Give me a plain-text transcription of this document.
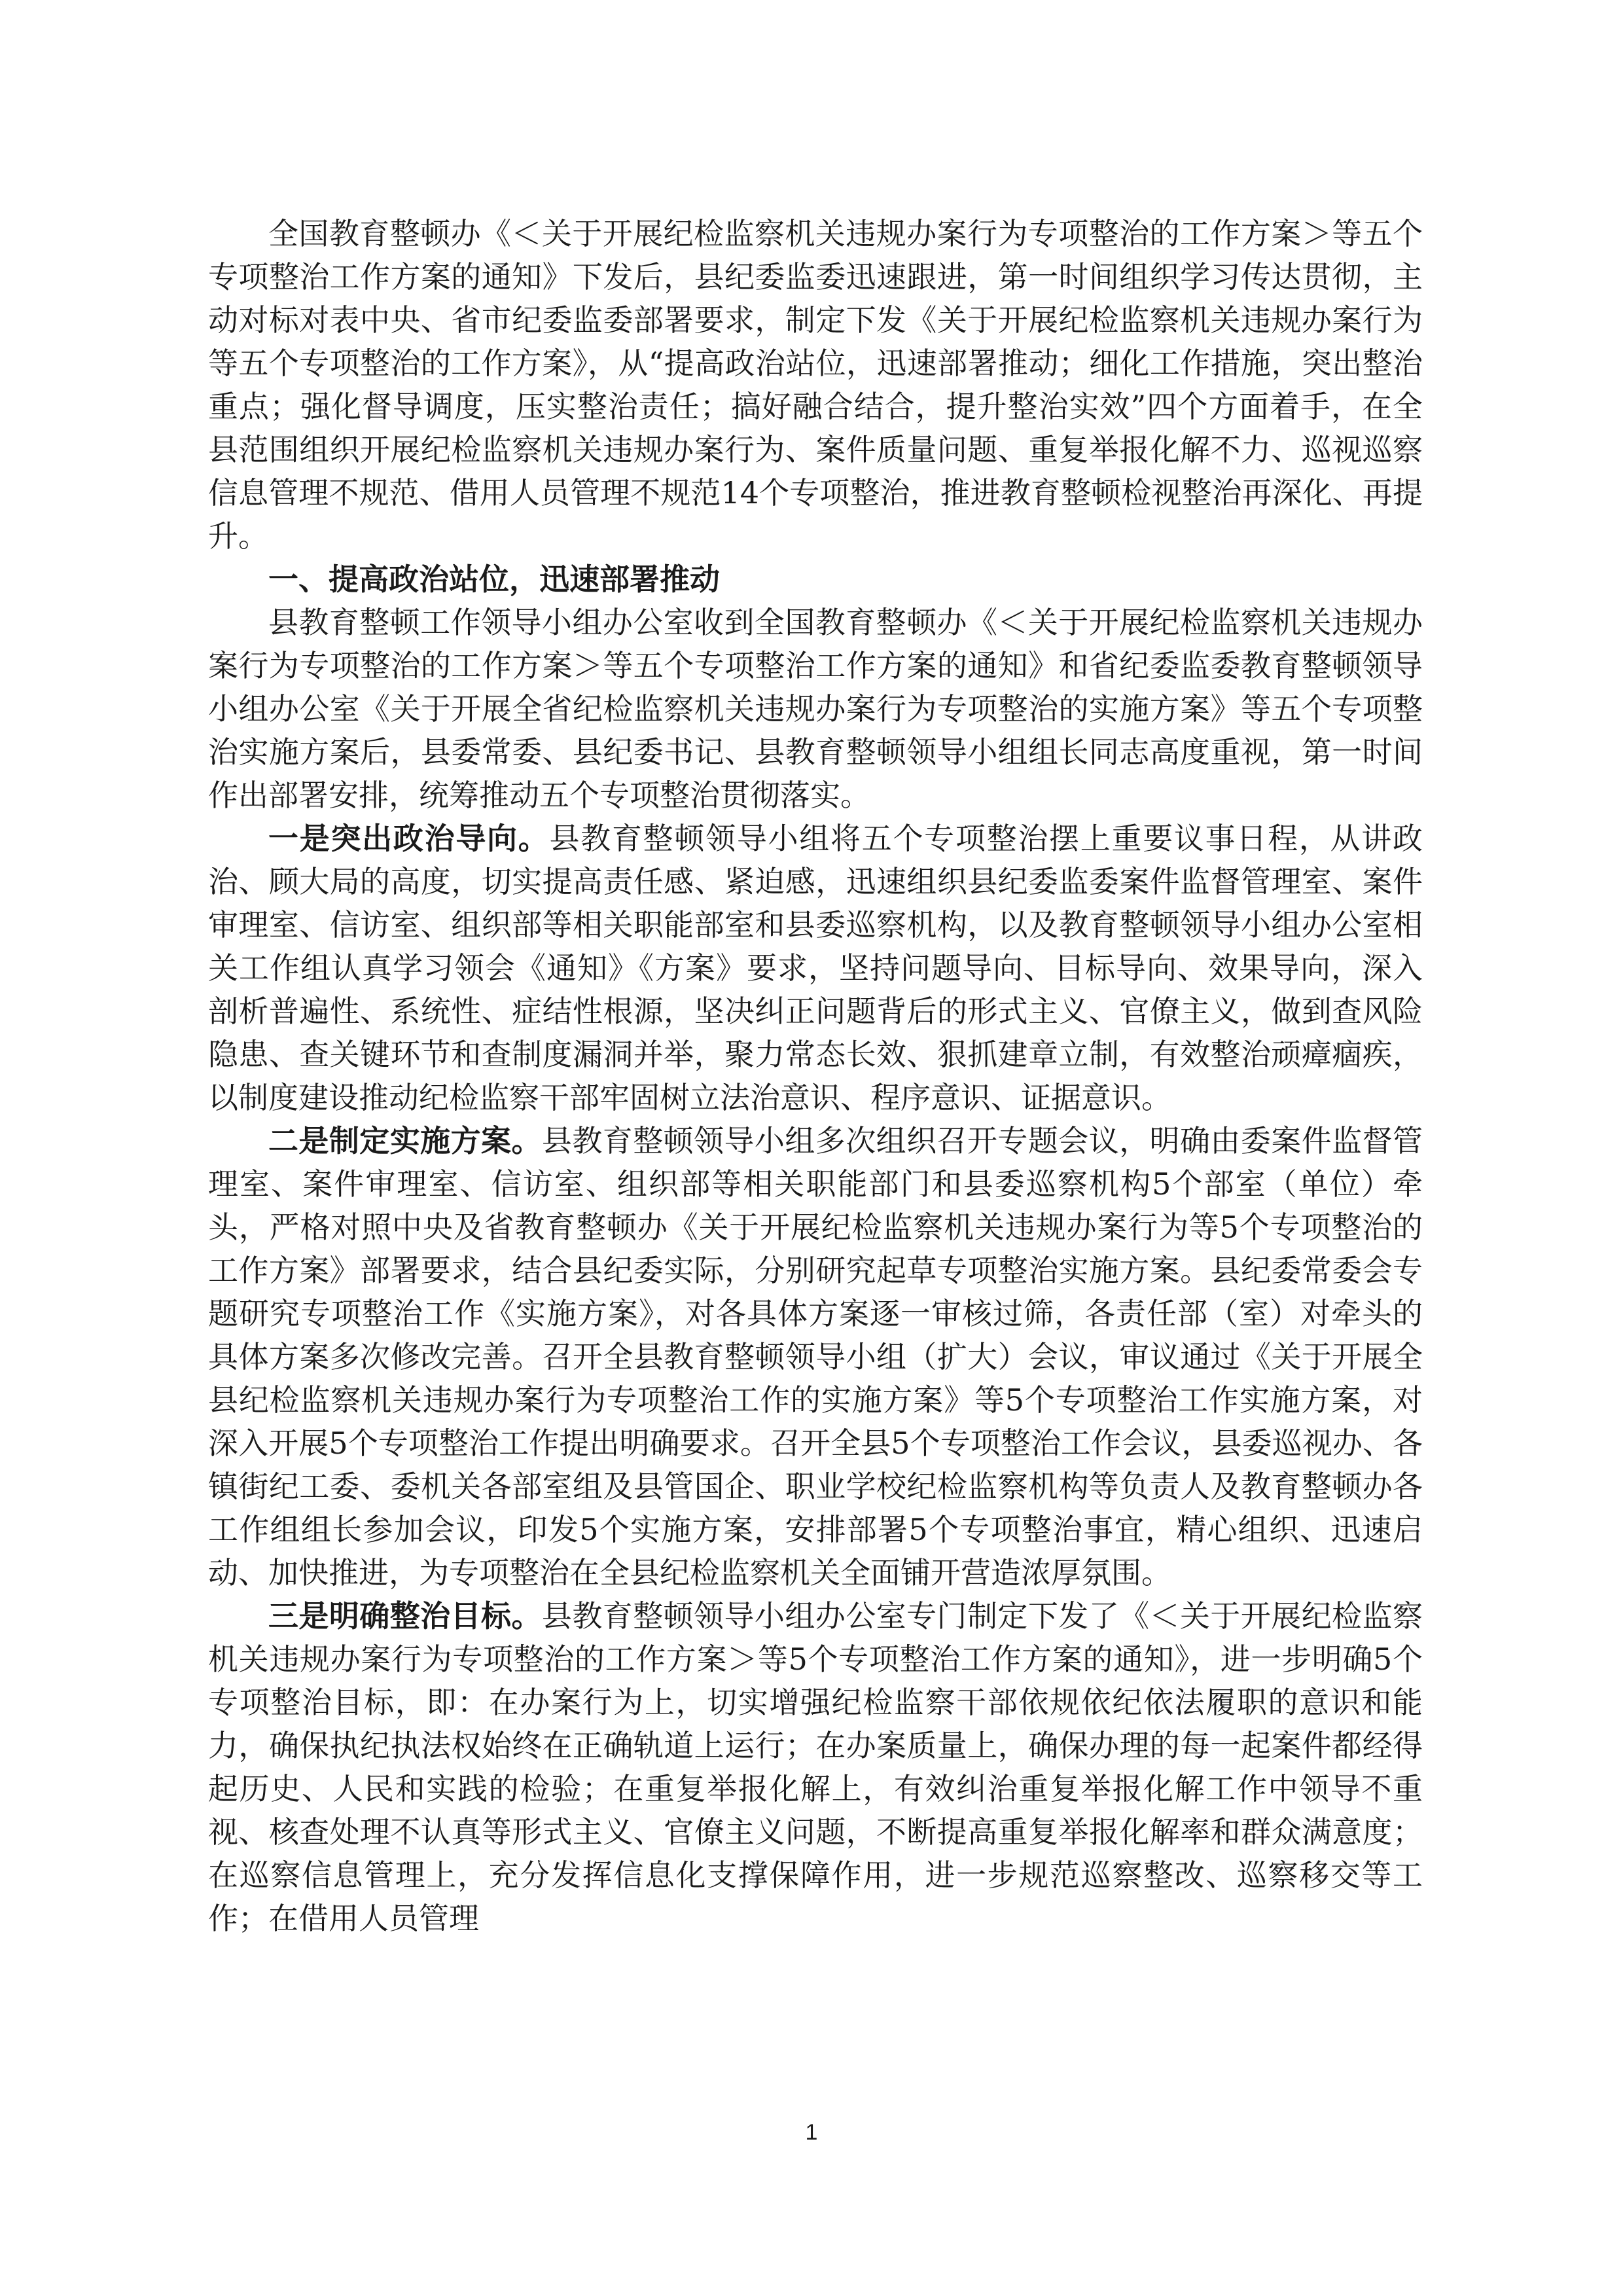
全国教育整顿办《＜关于开展纪检监察机关违规办案行为专项整治的工作方案＞等五个专项整治工作方案的通知》下发后，县纪委监委迅速跟进，第一时间组织学习传达贯彻，主动对标对表中央、省市纪委监委部署要求，制定下发《关于开展纪检监察机关违规办案行为等五个专项整治的工作方案》，从“提高政治站位，迅速部署推动；细化工作措施，突出整治重点；强化督导调度，压实整治责任；搞好融合结合，提升整治实效”四个方面着手，在全县范围组织开展纪检监察机关违规办案行为、案件质量问题、重复举报化解不力、巡视巡察信息管理不规范、借用人员管理不规范14个专项整治，推进教育整顿检视整治再深化、再提升。

一、提高政治站位，迅速部署推动

县教育整顿工作领导小组办公室收到全国教育整顿办《＜关于开展纪检监察机关违规办案行为专项整治的工作方案＞等五个专项整治工作方案的通知》和省纪委监委教育整顿领导小组办公室《关于开展全省纪检监察机关违规办案行为专项整治的实施方案》等五个专项整治实施方案后，县委常委、县纪委书记、县教育整顿领导小组组长同志高度重视，第一时间作出部署安排，统筹推动五个专项整治贯彻落实。

一是突出政治导向。县教育整顿领导小组将五个专项整治摆上重要议事日程，从讲政治、顾大局的高度，切实提高责任感、紧迫感，迅速组织县纪委监委案件监督管理室、案件审理室、信访室、组织部等相关职能部室和县委巡察机构，以及教育整顿领导小组办公室相关工作组认真学习领会《通知》《方案》要求，坚持问题导向、目标导向、效果导向，深入剖析普遍性、系统性、症结性根源，坚决纠正问题背后的形式主义、官僚主义，做到查风险隐患、查关键环节和查制度漏洞并举，聚力常态长效、狠抓建章立制，有效整治顽瘴痼疾，以制度建设推动纪检监察干部牢固树立法治意识、程序意识、证据意识。

二是制定实施方案。县教育整顿领导小组多次组织召开专题会议，明确由委案件监督管理室、案件审理室、信访室、组织部等相关职能部门和县委巡察机构5个部室（单位）牵头，严格对照中央及省教育整顿办《关于开展纪检监察机关违规办案行为等5个专项整治的工作方案》部署要求，结合县纪委实际，分别研究起草专项整治实施方案。县纪委常委会专题研究专项整治工作《实施方案》，对各具体方案逐一审核过筛，各责任部（室）对牵头的具体方案多次修改完善。召开全县教育整顿领导小组（扩大）会议，审议通过《关于开展全县纪检监察机关违规办案行为专项整治工作的实施方案》等5个专项整治工作实施方案，对深入开展5个专项整治工作提出明确要求。召开全县5个专项整治工作会议，县委巡视办、各镇街纪工委、委机关各部室组及县管国企、职业学校纪检监察机构等负责人及教育整顿办各工作组组长参加会议，印发5个实施方案，安排部署5个专项整治事宜，精心组织、迅速启动、加快推进，为专项整治在全县纪检监察机关全面铺开营造浓厚氛围。

三是明确整治目标。县教育整顿领导小组办公室专门制定下发了《＜关于开展纪检监察机关违规办案行为专项整治的工作方案＞等5个专项整治工作方案的通知》，进一步明确5个专项整治目标，即：在办案行为上，切实增强纪检监察干部依规依纪依法履职的意识和能力，确保执纪执法权始终在正确轨道上运行；在办案质量上，确保办理的每一起案件都经得起历史、人民和实践的检验；在重复举报化解上，有效纠治重复举报化解工作中领导不重视、核查处理不认真等形式主义、官僚主义问题，不断提高重复举报化解率和群众满意度；在巡察信息管理上，充分发挥信息化支撑保障作用，进一步规范巡察整改、巡察移交等工作；在借用人员管理

1
